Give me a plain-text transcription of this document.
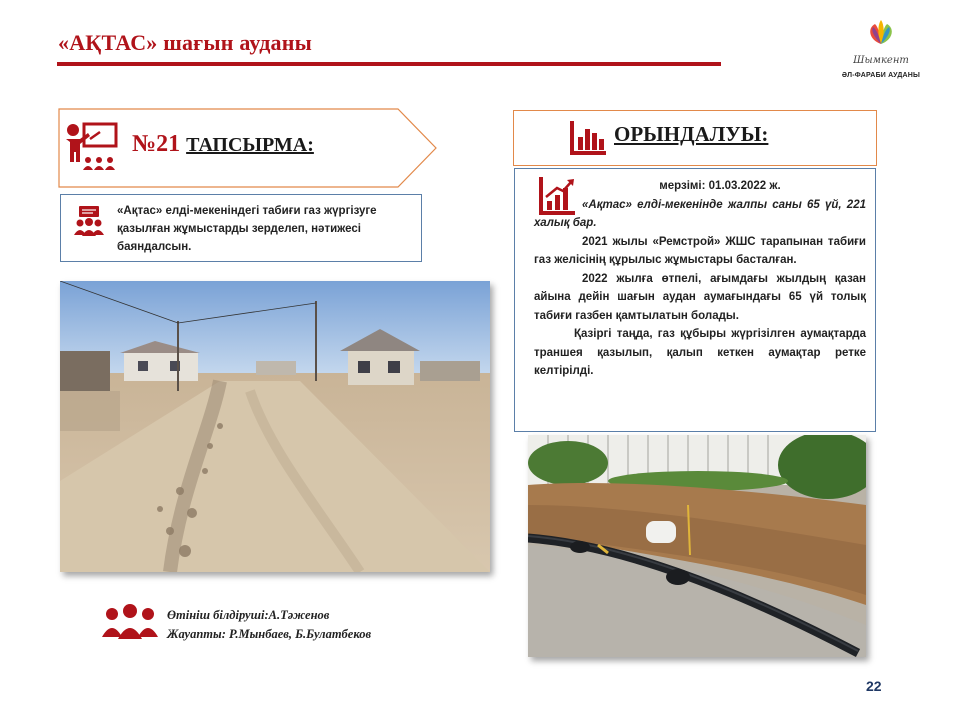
«АҚТАС» шағын ауданы
Шымкент
ӘЛ-ФАРАБИ АУДАНЫ
№21 ТАПСЫРМА:
«Ақтас» елді-мекеніндегі табиғи газ жүргізуге қазылған жұмыстарды зерделеп, нәтижесі баяндалсын.
ОРЫНДАЛУЫ:

мерзімі: 01.03.2022 ж.

«Ақтас» елді-мекенінде жалпы саны 65 үй, 221 халық бар.

2021 жылы «Ремстрой» ЖШС тарапынан табиғи газ желісінің құрылыс жұмыстары басталған.

2022 жылға өтпелі, ағымдағы жылдың қазан айына дейін шағын аудан аумағындағы 65 үй толық табиғи газбен қамтылатын болады.

Қазіргі таңда, газ құбыры жүргізілген аумақтарда траншея қазылып, қалып кеткен аумақтар ретке келтірілді.

Өтініш білдіруші:А.Тәженов
Жауапты: Р.Мынбаев, Б.Булатбеков
22
